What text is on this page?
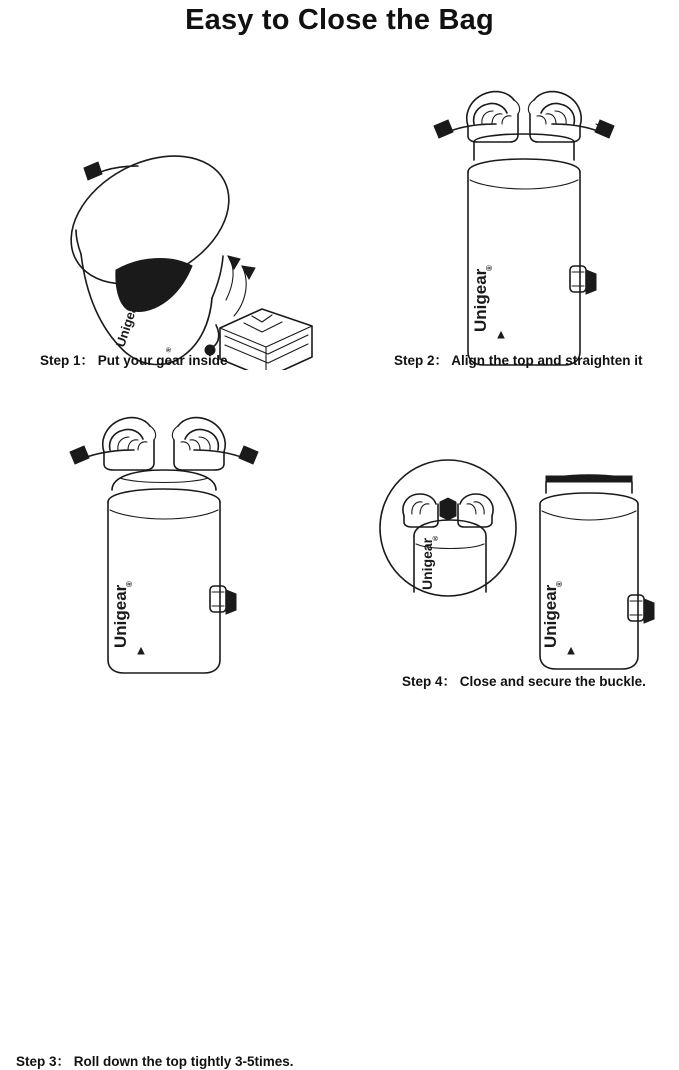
Easy to Close the Bag
Unigear
®
Step 1： Put your gear inside
Unigear
®
Step 2： Align the top and straighten it
Unigear
®
Step 3： Roll down the top tightly 3-5times.
Unigear
®
Unigear
®
Step 4： Close and secure the buckle.
